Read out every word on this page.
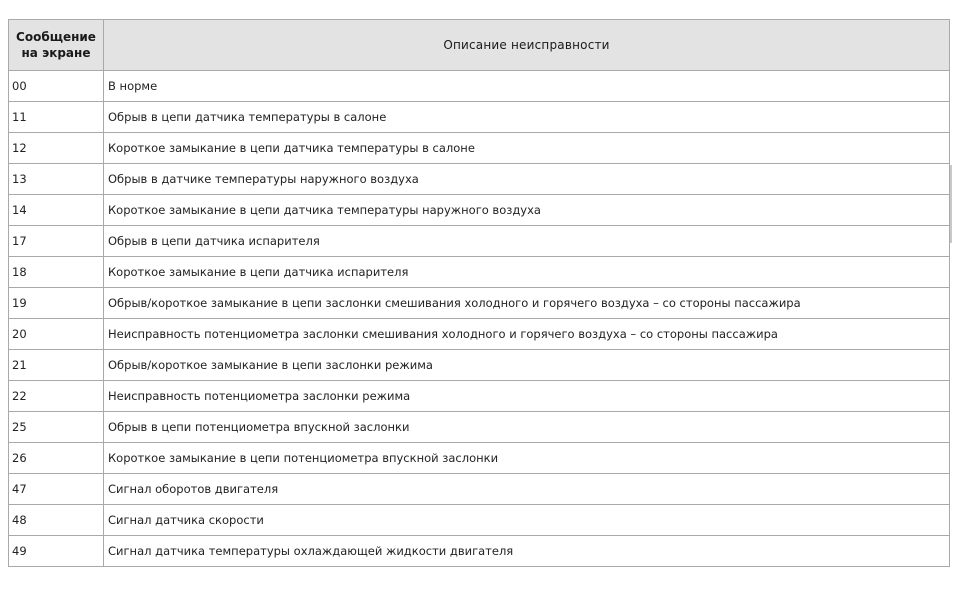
Сообщение на экране	Описание неисправности
00	В норме
11	Обрыв в цепи датчика температуры в салоне
12	Короткое замыкание в цепи датчика температуры в салоне
13	Обрыв в датчике температуры наружного воздуха
14	Короткое замыкание в цепи датчика температуры наружного воздуха
17	Обрыв в цепи датчика испарителя
18	Короткое замыкание в цепи датчика испарителя
19	Обрыв/короткое замыкание в цепи заслонки смешивания холодного и горячего воздуха – со стороны пассажира
20	Неисправность потенциометра заслонки смешивания холодного и горячего воздуха – со стороны пассажира
21	Обрыв/короткое замыкание в цепи заслонки режима
22	Неисправность потенциометра заслонки режима
25	Обрыв в цепи потенциометра впускной заслонки
26	Короткое замыкание в цепи потенциометра впускной заслонки
47	Сигнал оборотов двигателя
48	Сигнал датчика скорости
49	Сигнал датчика температуры охлаждающей жидкости двигателя
